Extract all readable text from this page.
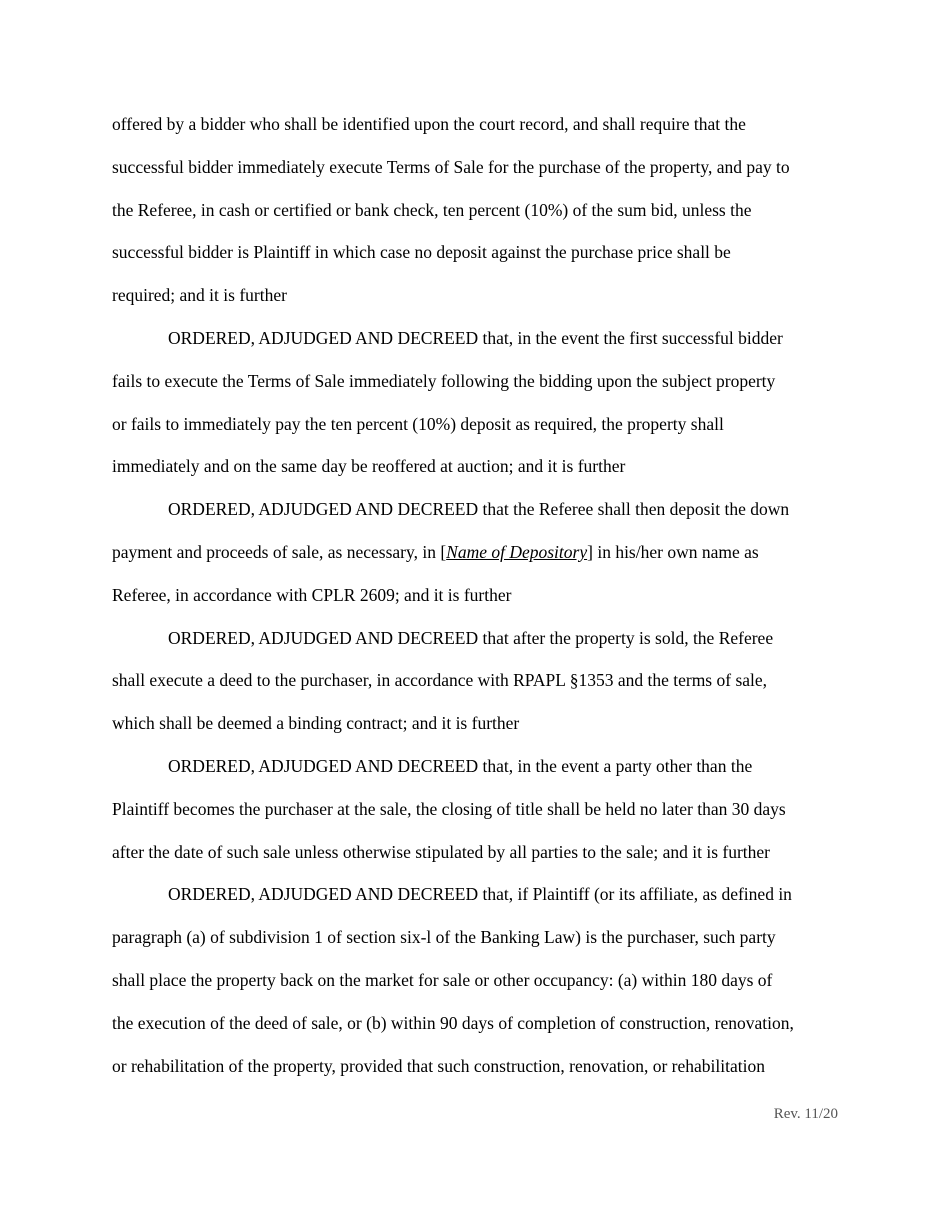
offered by a bidder who shall be identified upon the court record, and shall require that the
successful bidder immediately execute Terms of Sale for the purchase of the property, and pay to
the Referee, in cash or certified or bank check, ten percent (10%) of the sum bid, unless the
successful bidder is Plaintiff in which case no deposit against the purchase price shall be
required; and it is further

ORDERED, ADJUDGED AND DECREED that, in the event the first successful bidder
fails to execute the Terms of Sale immediately following the bidding upon the subject property
or fails to immediately pay the ten percent (10%) deposit as required, the property shall
immediately and on the same day be reoffered at auction; and it is further

ORDERED, ADJUDGED AND DECREED that the Referee shall then deposit the down
payment and proceeds of sale, as necessary, in [Name of Depository] in his/her own name as
Referee, in accordance with CPLR 2609; and it is further

ORDERED, ADJUDGED AND DECREED that after the property is sold, the Referee
shall execute a deed to the purchaser, in accordance with RPAPL §1353 and the terms of sale,
which shall be deemed a binding contract; and it is further

ORDERED, ADJUDGED AND DECREED that, in the event a party other than the
Plaintiff becomes the purchaser at the sale, the closing of title shall be held no later than 30 days
after the date of such sale unless otherwise stipulated by all parties to the sale; and it is further

ORDERED, ADJUDGED AND DECREED that, if Plaintiff (or its affiliate, as defined in
paragraph (a) of subdivision 1 of section six-l of the Banking Law) is the purchaser, such party
shall place the property back on the market for sale or other occupancy: (a) within 180 days of
the execution of the deed of sale, or (b) within 90 days of completion of construction, renovation,
or rehabilitation of the property, provided that such construction, renovation, or rehabilitation

Rev. 11/20
